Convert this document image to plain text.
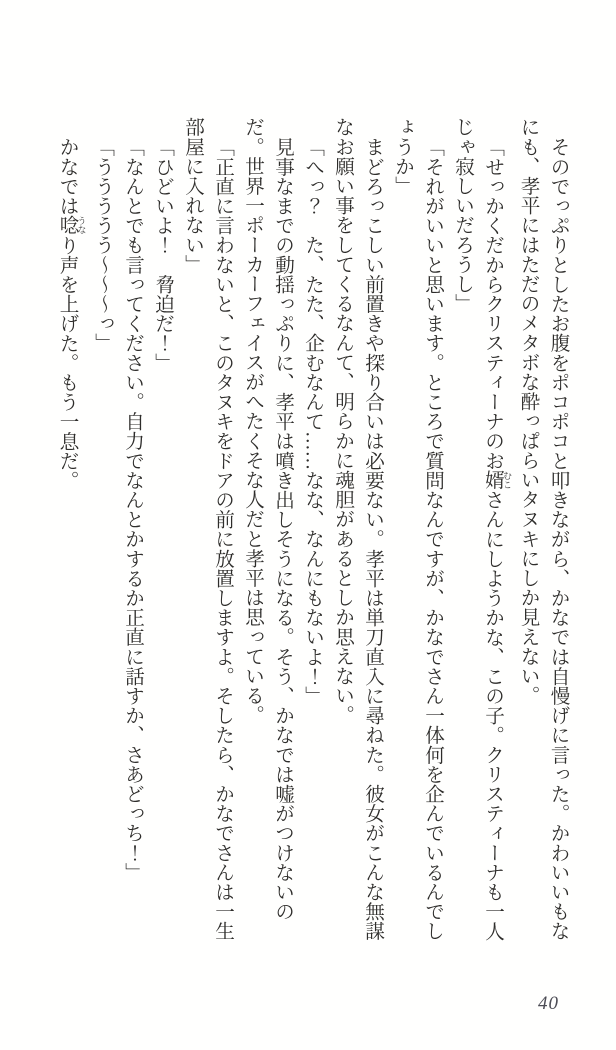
そのでっぷりとしたお腹をポコポコと叩きながら、かなでは自慢げに言った。かわいいもなにも、孝平にはただのメタボな酔っぱらいタヌキにしか見えない。

「せっかくだからクリスティーナのお婿 むこさんにしようかな、この子。クリスティーナも一人じゃ寂しいだろうし」

「それがいいと思います。ところで質問なんですが、かなでさん一体何を企んでいるんでしょうか」

まどろっこしい前置きや探り合いは必要ない。孝平は単刀直入に尋ねた。彼女がこんな無謀なお願い事をしてくるなんて、明らかに魂胆があるとしか思えない。

「へっ？　た、たた、企むなんて……なな、なんにもないよ！」

見事なまでの動揺っぷりに、孝平は噴き出しそうになる。そう、かなでは嘘がつけないのだ。世界一ポーカーフェイスがへたくそな人だと孝平は思っている。

「正直に言わないと、このタヌキをドアの前に放置しますよ。そしたら、かなでさんは一生部屋に入れない」

「ひどいよ！　脅迫だ！」

「なんとでも言ってください。自力でなんとかするか正直に話すか、さあどっち！」

「ううううう〜〜〜っ」

かなでは唸 うなり声を上げた。もう一息だ。

40
